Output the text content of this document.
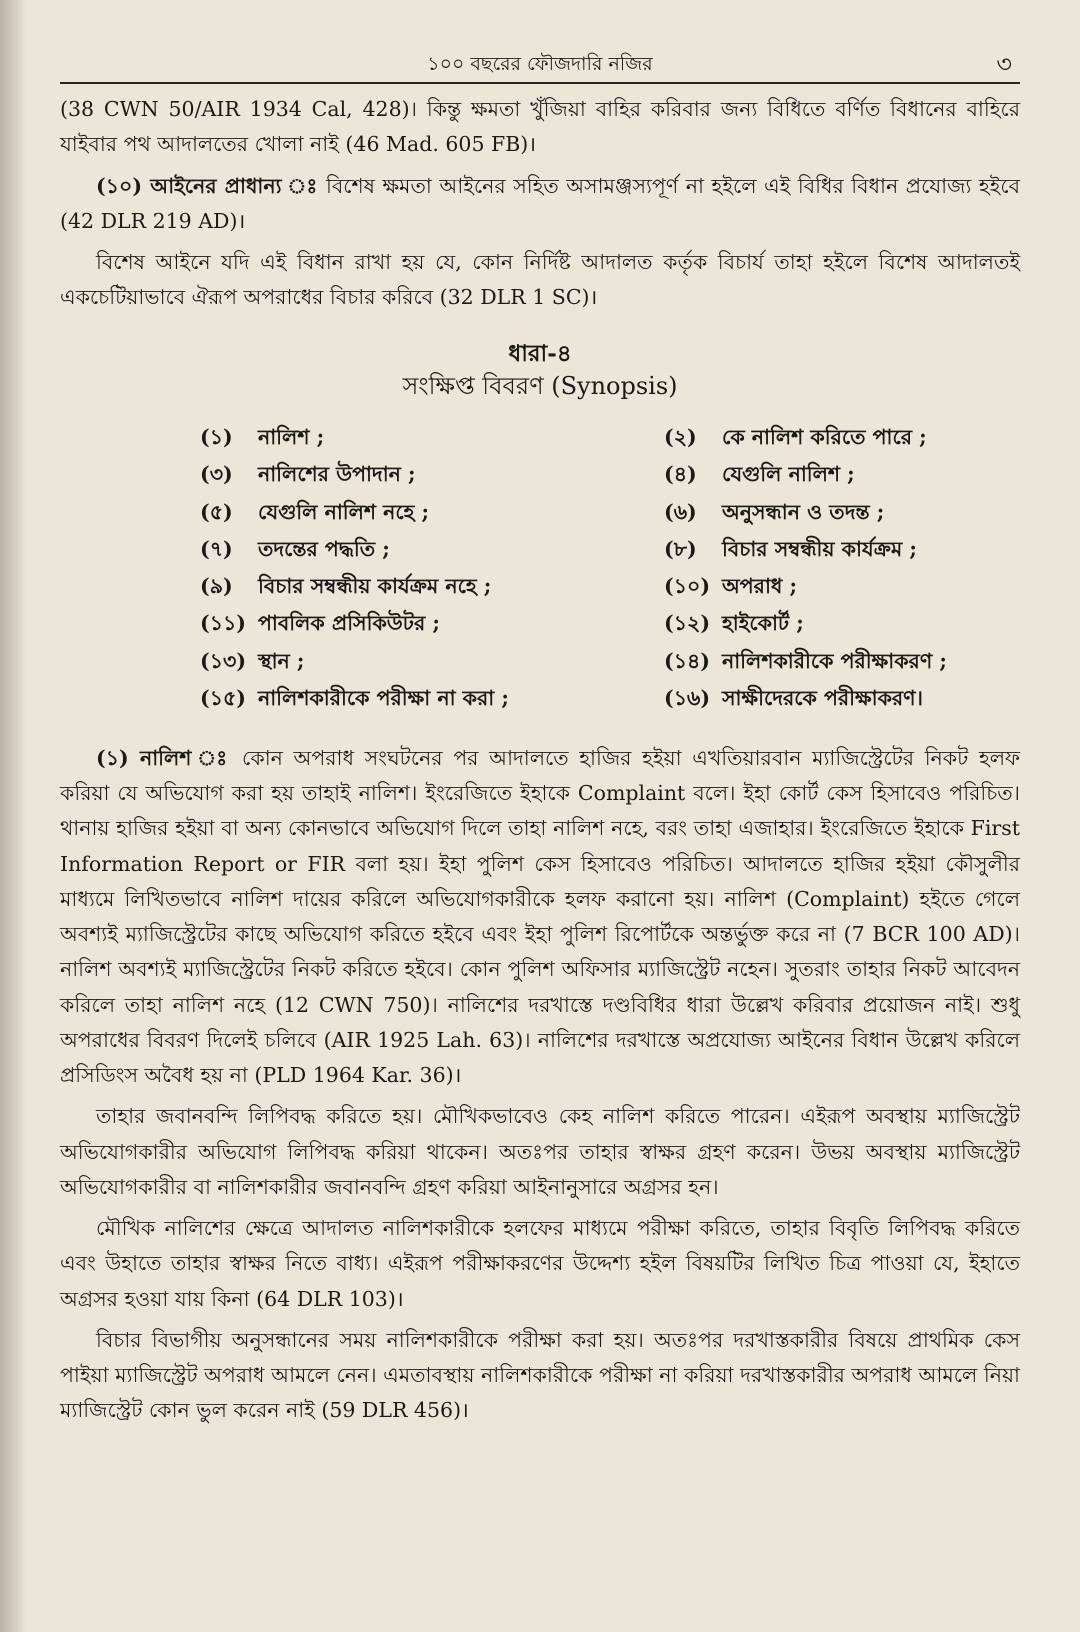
১০০ বছরের ফৌজদারি নজির	৩

(38 CWN 50/AIR 1934 Cal, 428)। কিন্তু ক্ষমতা খুঁজিয়া বাহির করিবার জন্য বিধিতে বর্ণিত বিধানের বাহিরে যাইবার পথ আদালতের খোলা নাই (46 Mad. 605 FB)।

(১০) আইনের প্রাধান্য ঃ বিশেষ ক্ষমতা আইনের সহিত অসামঞ্জস্যপূর্ণ না হইলে এই বিধির বিধান প্রযোজ্য হইবে (42 DLR 219 AD)।

বিশেষ আইনে যদি এই বিধান রাখা হয় যে, কোন নির্দিষ্ট আদালত কর্তৃক বিচার্য তাহা হইলে বিশেষ আদালতই একচেটিয়াভাবে ঐরূপ অপরাধের বিচার করিবে (32 DLR 1 SC)।

ধারা-৪
সংক্ষিপ্ত বিবরণ (Synopsis)
(১)	নালিশ ;	(২)	কে নালিশ করিতে পারে ;
(৩)	নালিশের উপাদান ;	(৪)	যেগুলি নালিশ ;
(৫)	যেগুলি নালিশ নহে ;	(৬)	অনুসন্ধান ও তদন্ত ;
(৭)	তদন্তের পদ্ধতি ;	(৮)	বিচার সম্বন্ধীয় কার্যক্রম ;
(৯)	বিচার সম্বন্ধীয় কার্যক্রম নহে ;	(১০) অপরাধ ;
(১১) পাবলিক প্রসিকিউটর ;	(১২) হাইকোর্ট ;
(১৩) স্থান ;	(১৪) নালিশকারীকে পরীক্ষাকরণ ;
(১৫) নালিশকারীকে পরীক্ষা না করা ;	(১৬) সাক্ষীদেরকে পরীক্ষাকরণ।

(১) নালিশ ঃ কোন অপরাধ সংঘটনের পর আদালতে হাজির হইয়া এখতিয়ারবান ম্যাজিস্ট্রেটের নিকট হলফ করিয়া যে অভিযোগ করা হয় তাহাই নালিশ। ইংরেজিতে ইহাকে Complaint বলে। ইহা কোর্ট কেস হিসাবেও পরিচিত। থানায় হাজির হইয়া বা অন্য কোনভাবে অভিযোগ দিলে তাহা নালিশ নহে, বরং তাহা এজাহার। ইংরেজিতে ইহাকে First Information Report or FIR বলা হয়। ইহা পুলিশ কেস হিসাবেও পরিচিত। আদালতে হাজির হইয়া কৌসুলীর মাধ্যমে লিখিতভাবে নালিশ দায়ের করিলে অভিযোগকারীকে হলফ করানো হয়। নালিশ (Complaint) হইতে গেলে অবশ্যই ম্যাজিস্ট্রেটের কাছে অভিযোগ করিতে হইবে এবং ইহা পুলিশ রিপোর্টকে অন্তর্ভুক্ত করে না (7 BCR 100 AD)। নালিশ অবশ্যই ম্যাজিস্ট্রেটের নিকট করিতে হইবে। কোন পুলিশ অফিসার ম্যাজিস্ট্রেট নহেন। সুতরাং তাহার নিকট আবেদন করিলে তাহা নালিশ নহে (12 CWN 750)। নালিশের দরখাস্তে দণ্ডবিধির ধারা উল্লেখ করিবার প্রয়োজন নাই। শুধু অপরাধের বিবরণ দিলেই চলিবে (AIR 1925 Lah. 63)। নালিশের দরখাস্তে অপ্রযোজ্য আইনের বিধান উল্লেখ করিলে প্রসিডিংস অবৈধ হয় না (PLD 1964 Kar. 36)।

তাহার জবানবন্দি লিপিবদ্ধ করিতে হয়। মৌখিকভাবেও কেহ নালিশ করিতে পারেন। এইরূপ অবস্থায় ম্যাজিস্ট্রেট অভিযোগকারীর অভিযোগ লিপিবদ্ধ করিয়া থাকেন। অতঃপর তাহার স্বাক্ষর গ্রহণ করেন। উভয় অবস্থায় ম্যাজিস্ট্রেট অভিযোগকারীর বা নালিশকারীর জবানবন্দি গ্রহণ করিয়া আইনানুসারে অগ্রসর হন।

মৌখিক নালিশের ক্ষেত্রে আদালত নালিশকারীকে হলফের মাধ্যমে পরীক্ষা করিতে, তাহার বিবৃতি লিপিবদ্ধ করিতে এবং উহাতে তাহার স্বাক্ষর নিতে বাধ্য। এইরূপ পরীক্ষাকরণের উদ্দেশ্য হইল বিষয়টির লিখিত চিত্র পাওয়া যে, ইহাতে অগ্রসর হওয়া যায় কিনা (64 DLR 103)।

বিচার বিভাগীয় অনুসন্ধানের সময় নালিশকারীকে পরীক্ষা করা হয়। অতঃপর দরখাস্তকারীর বিষয়ে প্রাথমিক কেস পাইয়া ম্যাজিস্ট্রেট অপরাধ আমলে নেন। এমতাবস্থায় নালিশকারীকে পরীক্ষা না করিয়া দরখাস্তকারীর অপরাধ আমলে নিয়া ম্যাজিস্ট্রেট কোন ভুল করেন নাই (59 DLR 456)।
